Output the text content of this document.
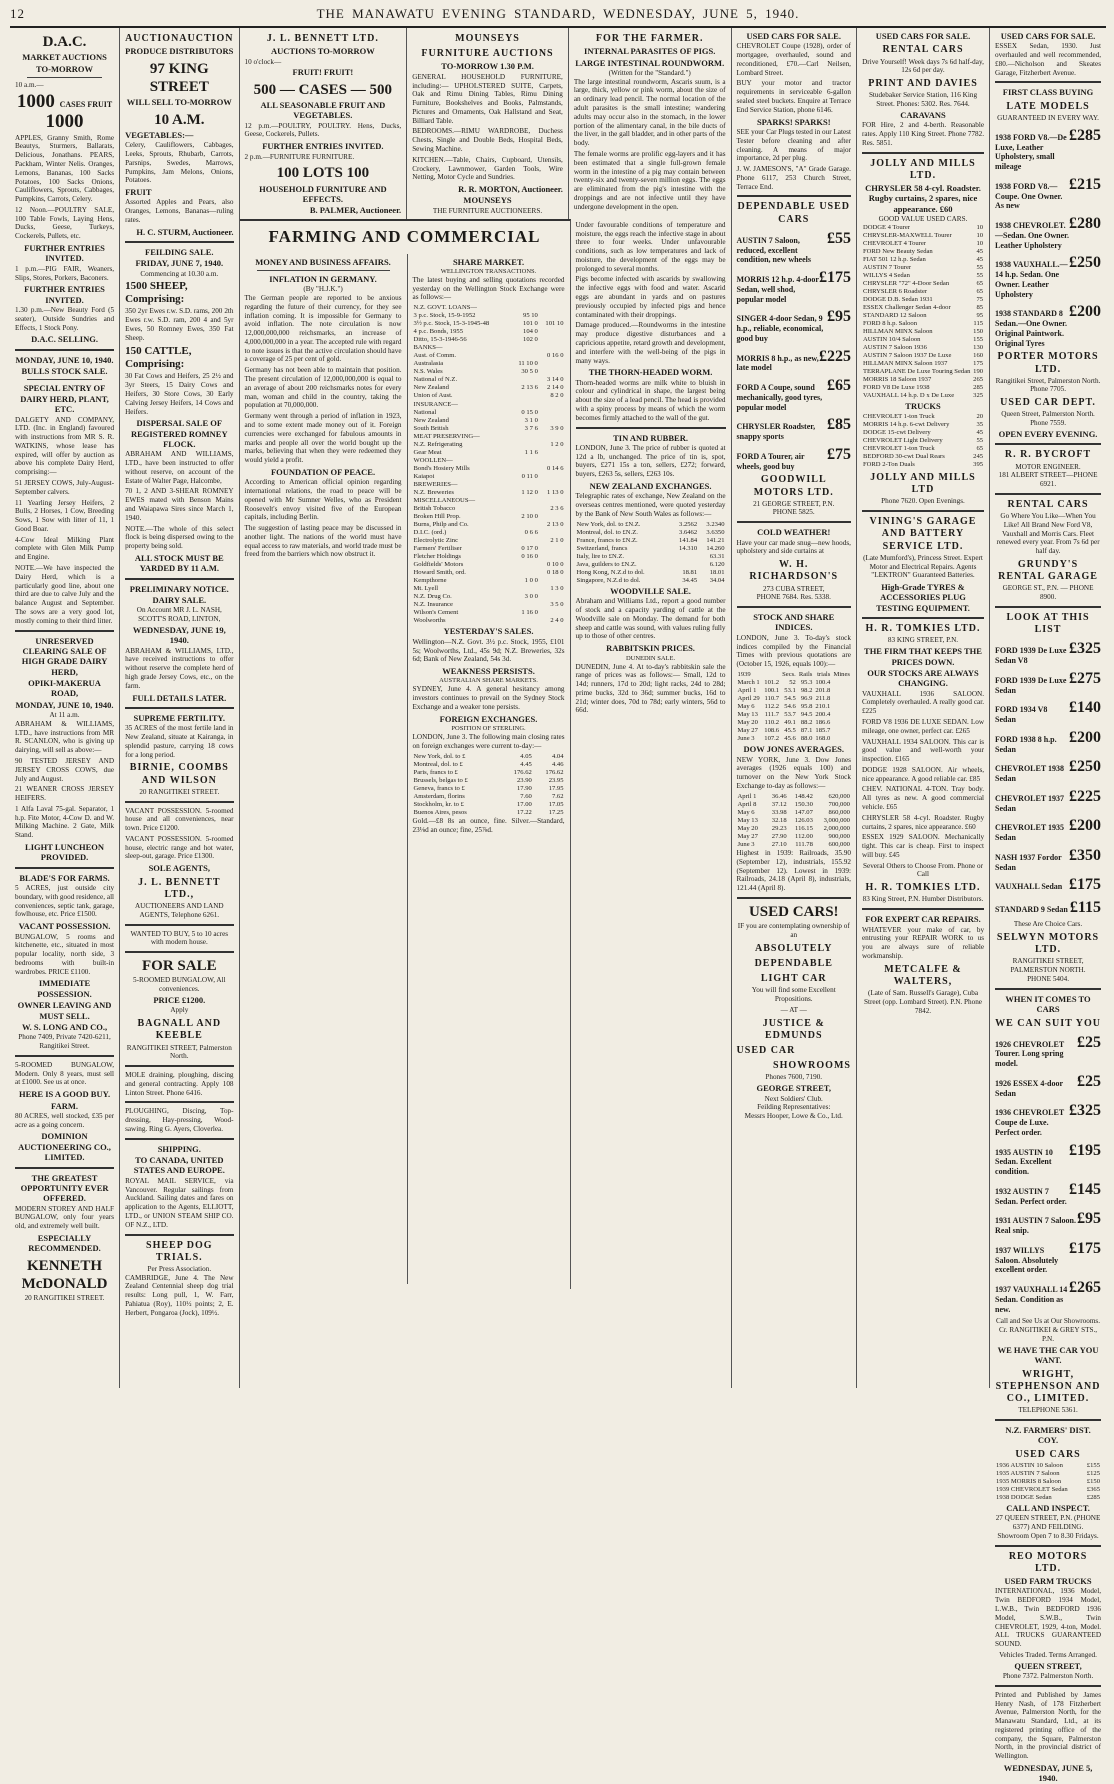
12	THE MANAWATU EVENING STANDARD, WEDNESDAY, JUNE 5, 1940.
D.A.C.
MARKET AUCTIONS
TO-MORROW

10 a.m.—

1000 CASES FRUIT 1000

APPLES, Granny Smith, Rome Beautys, Sturmers, Ballarats, Delicious, Jonathans. PEARS, Packham, Winter Nelis. Oranges, Lemons, Bananas, 100 Sacks Potatoes, 100 Sacks Onions, Cauliflowers, Sprouts, Cabbages, Pumpkins, Carrots, Celery.

12 Noon.—POULTRY SALE, 100 Table Fowls, Laying Hens, Ducks, Geese, Turkeys, Cockerels, Pullets, etc.

FURTHER ENTRIES INVITED.

1 p.m.—PIG FAIR, Weaners, Slips, Stores, Porkers, Baconers.

FURTHER ENTRIES INVITED.

1.30 p.m.—New Beauty Ford (5 seater), Outside Sundries and Effects, 1 Stock Pony.

D.A.C. SELLING.
MONDAY, JUNE 10, 1940.
BULLS STOCK SALE.
SPECIAL ENTRY OF DAIRY HERD, PLANT, ETC.

DALGETY AND COMPANY, LTD. (Inc. in England) favoured with instructions from MR S. R. WATKINS, whose lease has expired, will offer by auction as above his complete Dairy Herd, comprising:—

51 JERSEY COWS, July-August-September calvers.

11 Yearling Jersey Heifers, 2 Bulls, 2 Horses, 1 Cow, Breeding Sows, 1 Sow with litter of 11, 1 Good Boar.

4-Cow Ideal Milking Plant complete with Glen Milk Pump and Engine.

NOTE.—We have inspected the Dairy Herd, which is a particularly good line, about one third are due to calve July and the balance August and September. The sows are a very good lot, mostly coming to their third litter.

UNRESERVED CLEARING SALE OF HIGH GRADE DAIRY HERD,
OPIKI-MAKERUA ROAD,
MONDAY, JUNE 10, 1940.
At 11 a.m.

ABRAHAM & WILLIAMS, LTD., have instructions from MR R. SCANLON, who is giving up dairying, will sell as above:—

90 TESTED JERSEY AND JERSEY CROSS COWS, due July and August.

21 WEANER CROSS JERSEY HEIFERS.

1 Alfa Laval 75-gal. Separator, 1 h.p. Fite Motor, 4-Cow D. and W. Milking Machine. 2 Gate, Milk Stand.

LIGHT LUNCHEON PROVIDED.
BLADE'S FOR FARMS.

5 ACRES, just outside city boundary, with good residence, all conveniences, septic tank, garage, fowlhouse, etc. Price £1500.

VACANT POSSESSION.

BUNGALOW, 5 rooms and kitchenette, etc., situated in most popular locality, north side, 3 bedrooms with built-in wardrobes. PRICE £1100.

IMMEDIATE POSSESSION.
OWNER LEAVING AND MUST SELL.
W. S. LONG AND CO.,
Phone 7409, Private 7420-6211, Rangitikei Street.

5-ROOMED BUNGALOW, Modern. Only 8 years, must sell at £1000. See us at once.

HERE IS A GOOD BUY.
FARM.

80 ACRES, well stocked, £35 per acre as a going concern.

DOMINION AUCTIONEERING CO., LIMITED.
THE GREATEST OPPORTUNITY EVER OFFERED.

MODERN STOREY AND HALF BUNGALOW, only four years old, and extremely well built.

ESPECIALLY RECOMMENDED.
KENNETH McDONALD
20 RANGITIKEI STREET.
AUCTION AUCTION
PRODUCE DISTRIBUTORS
97 KING STREET
WILL SELL TO-MORROW
10 A.M.
VEGETABLES:—

Celery, Cauliflowers, Cabbages, Leeks, Sprouts, Rhubarb, Carrots, Parsnips, Swedes, Marrows, Pumpkins, Jam Melons, Onions, Potatoes.

FRUIT

Assorted Apples and Pears, also Oranges, Lemons, Bananas—ruling rates.

H. C. STURM, Auctioneer.
FEILDING SALE.
FRIDAY, JUNE 7, 1940.
Commencing at 10.30 a.m.
1500 SHEEP, Comprising:

350 2yr Ewes r.w. S.D. rams, 200 2th Ewes r.w. S.D. ram, 200 4 and 5yr Ewes, 50 Romney Ewes, 350 Fat Sheep.

150 CATTLE, Comprising:

30 Fat Cows and Heifers, 25 2½ and 3yr Steers, 15 Dairy Cows and Heifers, 30 Store Cows, 30 Early Calving Jersey Heifers, 14 Cows and Heifers.

DISPERSAL SALE OF REGISTERED ROMNEY FLOCK.

ABRAHAM AND WILLIAMS, LTD., have been instructed to offer without reserve, on account of the Estate of Walter Page, Halcombe,

70 1, 2 AND 3-SHEAR ROMNEY EWES mated with Benson Mains and Waiapawa Sires since March 1, 1940.

NOTE.—The whole of this select flock is being dispersed owing to the property being sold.

ALL STOCK MUST BE YARDED BY 11 A.M.
PRELIMINARY NOTICE.
DAIRY SALE.
On Account MR J. L. NASH, SCOTT'S ROAD, LINTON,
WEDNESDAY, JUNE 19, 1940.

ABRAHAM & WILLIAMS, LTD., have received instructions to offer without reserve the complete herd of high grade Jersey Cows, etc., on the farm.

FULL DETAILS LATER.
SUPREME FERTILITY.

35 ACRES of the most fertile land in New Zealand, situate at Kairanga, in splendid pasture, carrying 18 cows for a long period.

BIRNIE, COOMBS AND WILSON
20 RANGITIKEI STREET.

VACANT POSSESSION. 5-roomed house and all conveniences, near town. Price £1200.

VACANT POSSESSION. 5-roomed house, electric range and hot water, sleep-out, garage. Price £1300.

SOLE AGENTS,
J. L. BENNETT LTD.,
AUCTIONEERS AND LAND AGENTS, Telephone 6261.

WANTED TO BUY, 5 to 10 acres with modern house.

FOR SALE
5-ROOMED BUNGALOW, All conveniences.
PRICE £1200.
Apply
BAGNALL AND KEEBLE
RANGITIKEI STREET, Palmerston North.

MOLE draining, ploughing, discing and general contracting. Apply 108 Linton Street. Phone 6416.

PLOUGHING, Discing, Top-dressing, Hay-pressing, Wood-sawing. Ring G. Ayers, Cloverlea.

SHIPPING.
TO CANADA, UNITED STATES AND EUROPE.

ROYAL MAIL SERVICE, via Vancouver. Regular sailings from Auckland. Sailing dates and fares on application to the Agents, ELLIOTT, LTD., or UNION STEAM SHIP CO. OF N.Z., LTD.

SHEEP DOG TRIALS.
Per Press Association.

CAMBRIDGE, June 4. The New Zealand Centennial sheep dog trial results: Long pull, 1, W. Farr, Pahiatua (Roy), 110½ points; 2, E. Herbert, Pongaroa (Jock), 109½.

J. L. BENNETT LTD.
AUCTIONS TO-MORROW
10 o'clock—
FRUIT! FRUIT!
500 — CASES — 500
ALL SEASONABLE FRUIT AND VEGETABLES.

12 p.m.—POULTRY, POULTRY. Hens, Ducks, Geese, Cockerels, Pullets.

FURTHER ENTRIES INVITED.

2 p.m.—FURNITURE FURNITURE.

100 LOTS 100
HOUSEHOLD FURNITURE AND EFFECTS.
B. PALMER, Auctioneer.
MOUNSEYS
FURNITURE AUCTIONS
TO-MORROW 1.30 P.M.

GENERAL HOUSEHOLD FURNITURE, including:— UPHOLSTERED SUITE, Carpets, Oak and Rimu Dining Tables, Rimu Dining Furniture, Bookshelves and Books, Palmstands, Pictures and Ornaments, Oak Hallstand and Seat, Billiard Table.

BEDROOMS.—RIMU WARDROBE, Duchess Chests, Single and Double Beds, Hospital Beds, Sewing Machine.

KITCHEN.—Table, Chairs, Cupboard, Utensils, Crockery, Lawnmower, Garden Tools, Wire Netting, Motor Cycle and Sundries.

R. R. MORTON, Auctioneer.
MOUNSEYS
THE FURNITURE AUCTIONEERS.
FOR THE FARMER.
INTERNAL PARASITES OF PIGS.
LARGE INTESTINAL ROUNDWORM.
(Written for the "Standard.")

The large intestinal roundworm, Ascaris suum, is a large, thick, yellow or pink worm, about the size of an ordinary lead pencil. The normal location of the adult parasites is the small intestine; wandering adults may occur also in the stomach, in the lower portion of the alimentary canal, in the bile ducts of the liver, in the gall bladder, and in other parts of the body.

The female worms are prolific egg-layers and it has been estimated that a single full-grown female worm in the intestine of a pig may contain between twenty-six and twenty-seven million eggs. The eggs are eliminated from the pig's intestine with the droppings and are not infective until they have undergone development in the open.

FARMING AND COMMERCIAL
MONEY AND BUSINESS AFFAIRS.
INFLATION IN GERMANY.
(By "H.J.K.")

The German people are reported to be anxious regarding the future of their currency, for they see inflation coming. It is impossible for Germany to avoid inflation. The note circulation is now 12,000,000,000 reichsmarks, an increase of 4,000,000,000 in a year. The accepted rule with regard to note issues is that the active circulation should have a coverage of 25 per cent of gold.

Germany has not been able to maintain that position. The present circulation of 12,000,000,000 is equal to an average of about 200 reichsmarks notes for every man, woman and child in the country, taking the population at 70,000,000.

Germany went through a period of inflation in 1923, and to some extent made money out of it. Foreign currencies were exchanged for fabulous amounts in marks and people all over the world bought up the marks, believing that when they were redeemed they would yield a profit.

FOUNDATION OF PEACE.

According to American official opinion regarding international relations, the road to peace will be opened with Mr Sumner Welles, who as President Roosevelt's envoy visited five of the European capitals, including Berlin.

The suggestion of lasting peace may be discussed in another light. The nations of the world must have equal access to raw materials, and world trade must be freed from the barriers which now obstruct it.

SHARE MARKET.
WELLINGTON TRANSACTIONS.

The latest buying and selling quotations recorded yesterday on the Wellington Stock Exchange were as follows:—

N.Z. GOVT. LOANS—		
3 p.c. Stock, 15-9-1952	95 10	
3½ p.c. Stock, 15-3-1945-48	101 0	101 10
4 p.c. Bonds, 1955	104 0	
Ditto, 15-3-1946-56	102 0	
BANKS—		
Aust. of Comm.		0 16 0
Australasia	11 10 0	
N.S. Wales	30 5 0	
National of N.Z.		3 14 0
New Zealand	2 13 6	2 14 0
Union of Aust.		8 2 0
INSURANCE—		
National	0 15 0	
New Zealand	3 1 0	
South British	3 7 6	3 9 0
MEAT PRESERVING—		
N.Z. Refrigerating		1 2 0
Gear Meat	1 1 6	
WOOLLEN—		
Bond's Hosiery Mills		0 14 6
Kaiapoi	0 11 0	
BREWERIES—		
N.Z. Breweries	1 12 0	1 13 0
MISCELLANEOUS—		
British Tobacco		2 3 6
Broken Hill Prop.	2 10 0	
Burns, Philp and Co.		2 13 0
D.I.C. (ord.)	0 6 6	
Electrolytic Zinc		2 1 0
Farmers' Fertiliser	0 17 0	
Fletcher Holdings	0 16 0	
Goldfields' Motors		0 10 0
Howard Smith, ord.		0 18 0
Kempthorne	1 0 0	
Mt. Lyell		1 3 0
N.Z. Drug Co.	3 0 0	
N.Z. Insurance		3 5 0
Wilson's Cement	1 16 0	
Woolworths		2 4 0
YESTERDAY'S SALES.

Wellington—N.Z. Govt. 3½ p.c. Stock, 1955, £101 5s; Woolworths, Ltd., 45s 9d; N.Z. Breweries, 32s 6d; Bank of New Zealand, 54s 3d.

WEAKNESS PERSISTS.
AUSTRALIAN SHARE MARKETS.

SYDNEY, June 4. A general hesitancy among investors continues to prevail on the Sydney Stock Exchange and a weaker tone persists.

FOREIGN EXCHANGES.
POSITION OF STERLING.

LONDON, June 3. The following main closing rates on foreign exchanges were current to-day:—

New York, dol. to £	4.05	4.04
Montreal, dol. to £	4.45	4.46
Paris, francs to £	176.62	176.62
Brussels, belgas to £	23.90	23.95
Geneva, francs to £	17.90	17.95
Amsterdam, florins	7.60	7.62
Stockholm, kr. to £	17.00	17.05
Buenos Aires, pesos	17.22	17.25

Gold.—£8 8s an ounce, fine. Silver.—Standard, 23⅛d an ounce; fine, 25⅞d.

Under favourable conditions of temperature and moisture, the eggs reach the infective stage in about three to four weeks. Under unfavourable conditions, such as low temperatures and lack of moisture, the development of the eggs may be prolonged to several months.

Pigs become infected with ascarids by swallowing the infective eggs with food and water. Ascarid eggs are abundant in yards and on pastures previously occupied by infected pigs and hence contaminated with their droppings.

Damage produced.—Roundworms in the intestine may produce digestive disturbances and a capricious appetite, retard growth and development, and interfere with the well-being of the pigs in many ways.

THE THORN-HEADED WORM.

Thorn-headed worms are milk white to bluish in colour and cylindrical in shape, the largest being about the size of a lead pencil. The head is provided with a spiny process by means of which the worm becomes firmly attached to the wall of the gut.

TIN AND RUBBER.

LONDON, June 3. The price of rubber is quoted at 12d a lb, unchanged. The price of tin is, spot, buyers, £271 15s a ton, sellers, £272; forward, buyers, £263 5s, sellers, £263 10s.

NEW ZEALAND EXCHANGES.

Telegraphic rates of exchange, New Zealand on the overseas centres mentioned, were quoted yesterday by the Bank of New South Wales as follows:—

New York, dol. to £N.Z.	3.2562	3.2340
Montreal, dol. to £N.Z.	3.6462	3.6350
France, francs to £N.Z.	141.84	141.21
Switzerland, francs	14.310	14.260
Italy, lire to £N.Z.		63.31
Java, guilders to £N.Z.		6.120
Hong Kong, N.Z.d to dol.	18.81	18.01
Singapore, N.Z.d to dol.	34.45	34.04
WOODVILLE SALE.

Abraham and Williams Ltd., report a good number of stock and a capacity yarding of cattle at the Woodville sale on Monday. The demand for both sheep and cattle was sound, with values ruling fully up to those of other centres.

RABBITSKIN PRICES.
DUNEDIN SALE.

DUNEDIN, June 4. At to-day's rabbitskin sale the range of prices was as follows:— Small, 12d to 14d; runners, 17d to 20d; light racks, 24d to 28d; prime bucks, 32d to 36d; summer bucks, 16d to 21d; winter does, 70d to 78d; early winters, 56d to 66d.

USED CARS FOR SALE.

CHEVROLET Coupe (1928), order of mortgagee, overhauled, sound and reconditioned, £70.—Carl Neilsen, Lombard Street.

BUY your motor and tractor requirements in serviceable 6-gallon sealed steel buckets. Enquire at Terrace End Service Station, phone 6146.

SPARKS! SPARKS!

SEE your Car Plugs tested in our Latest Tester before cleaning and after cleaning. A means of major importance, 2d per plug.

J. W. JAMESON'S, "A" Grade Garage. Phone 6117, 253 Church Street, Terrace End.

DEPENDABLE USED CARS
AUSTIN 7 Saloon, reduced, excellent condition, new wheels
£55
MORRIS 12 h.p. 4-door Sedan, well shod, popular model
£175
SINGER 4-door Sedan, 9 h.p., reliable, economical, good buy
£95
MORRIS 8 h.p., as new, late model
£225
FORD A Coupe, sound mechanically, good tyres, popular model
£65
CHRYSLER Roadster, snappy sports
£85
FORD A Tourer, air wheels, good buy
£75
GOODWILL MOTORS LTD.
21 GEORGE STREET, P.N.
PHONE 5825.
COLD WEATHER!

Have your car made snug—new hoods, upholstery and side curtains at

W. H. RICHARDSON'S
273 CUBA STREET,
PHONE 7684. Res. 5338.
STOCK AND SHARE INDICES.

LONDON, June 3. To-day's stock indices compiled by the Financial Times with previous quotations are (October 15, 1926, equals 100):—

1939		Secs.	Rails	trials	Mines
March 1	101.2	52	95.3	100.4	
April 1	100.1	53.1	98.2	201.8	
April 29	110.7	54.5	96.9	211.8	
May 6	112.2	54.6	95.8	210.1	
May 13	111.7	53.7	94.5	200.4	
May 20	110.2	49.1	88.2	186.6	
May 27	108.6	45.5	87.1	185.7	
June 3	107.2	45.6	88.0	168.0	
DOW JONES AVERAGES.

NEW YORK, June 3. Dow Jones averages (1926 equals 100) and turnover on the New York Stock Exchange to-day as follows:—

April 1	36.46	148.42	620,000
April 8	37.12	150.30	700,000
May 6	33.98	147.07	860,000
May 13	32.18	126.03	3,000,000
May 20	29.23	116.15	2,000,000
May 27	27.90	112.00	900,000
June 3	27.10	111.78	600,000

Highest in 1939: Railroads, 35.90 (September 12), industrials, 155.92 (September 12). Lowest in 1939: Railroads, 24.18 (April 8), industrials, 121.44 (April 8).

USED CARS!

IF you are contemplating ownership of an

ABSOLUTELY
DEPENDABLE
LIGHT CAR

You will find some Excellent Propositions.

— AT —
JUSTICE & EDMUNDS
USED CAR
SHOWROOMS
Phones 7600, 7190.
GEORGE STREET,
Next Soldiers' Club.
Feilding Representatives:
Messrs Hooper, Lowe & Co., Ltd.
USED CARS FOR SALE.
RENTAL CARS
Drive Yourself! Week days 7s 6d half-day, 12s 6d per day.
PRINT AND DAVIES
Studebaker Service Station, 116 King Street. Phones: 5302. Res. 7644.
CARAVANS

FOR Hire, 2 and 4-berth. Reasonable rates. Apply 110 King Street. Phone 7782. Res. 5851.

JOLLY AND MILLS LTD.
CHRYSLER 58 4-cyl. Roadster. Rugby curtains, 2 spares, nice appearance. £60
GOOD VALUE USED CARS.
DODGE 4 Tourer	10
CHRYSLER-MAXWELL Tourer	10
CHEVROLET 4 Tourer	10
FORD New Beauty Sedan	45
FIAT 501 12 h.p. Sedan	45
AUSTIN 7 Tourer	55
WILLYS 4 Sedan	55
CHRYSLER "72" 4-Door Sedan	65
CHRYSLER 6 Roadster	65
DODGE D.B. Sedan 1931	75
ESSEX Challenger Sedan 4-door	85
STANDARD 12 Saloon	95
FORD 8 h.p. Saloon	115
HILLMAN MINX Saloon	150
AUSTIN 10/4 Saloon	155
AUSTIN 7 Saloon 1936	130
AUSTIN 7 Saloon 1937 De Luxe	160
HILLMAN MINX Saloon 1937	175
TERRAPLANE De Luxe Touring Sedan	190
MORRIS 18 Saloon 1937	265
FORD V8 De Luxe 1938	285
VAUXHALL 14 h.p. D x De Luxe	325
TRUCKS
CHEVROLET 1-ton Truck	20
MORRIS 14 h.p. 6-cwt Delivery	35
DODGE 15-cwt Delivery	45
CHEVROLET Light Delivery	55
CHEVROLET 1-ton Truck	65
BEDFORD 30-cwt Dual Rears	245
FORD 2-Ton Duals	395
JOLLY AND MILLS LTD
Phone 7620. Open Evenings.
VINING'S GARAGE AND BATTERY SERVICE LTD.

(Late Mumford's), Princess Street. Expert Motor and Electrical Repairs. Agents "LEKTRON" Guaranteed Batteries.

High-Grade TYRES & ACCESSORIES PLUG TESTING EQUIPMENT.
H. R. TOMKIES LTD.
83 KING STREET, P.N.
THE FIRM THAT KEEPS THE PRICES DOWN.
OUR STOCKS ARE ALWAYS CHANGING.

VAUXHALL 1936 SALOON. Completely overhauled. A really good car. £225

FORD V8 1936 DE LUXE SEDAN. Low mileage, one owner, perfect car. £265

VAUXHALL 1934 SALOON. This car is good value and well-worth your inspection. £165

DODGE 1928 SALOON. Air wheels, nice appearance. A good reliable car. £85

CHEV. NATIONAL 4-TON. Tray body. All tyres as new. A good commercial vehicle. £65

CHRYSLER 58 4-cyl. Roadster. Rugby curtains, 2 spares, nice appearance. £60

ESSEX 1929 SALOON. Mechanically tight. This car is cheap. First to inspect will buy. £45

Several Others to Choose From. Phone or Call
H. R. TOMKIES LTD.
83 King Street, P.N. Humber Distributors.
FOR EXPERT CAR REPAIRS.

WHATEVER your make of car, by entrusting your REPAIR WORK to us you are always sure of reliable workmanship.

METCALFE & WALTERS,
(Late of Sam. Russell's Garage), Cuba Street (opp. Lombard Street). P.N. Phone 7842.
USED CARS FOR SALE.

ESSEX Sedan, 1930. Just overhauled and well recommended, £80.—Nicholson and Skeates Garage, Fitzherbert Avenue.

FIRST CLASS BUYING
LATE MODELS
GUARANTEED IN EVERY WAY.
1938 FORD V8.—De Luxe, Leather Upholstery, small mileage
£285
1938 FORD V8.—Coupe. One Owner. As new
£215
1938 CHEVROLET.—Sedan. One Owner. Leather Upholstery
£280
1938 VAUXHALL.—14 h.p. Sedan. One Owner. Leather Upholstery
£250
1938 STANDARD 8 Sedan.—One Owner. Original Paintwork. Original Tyres
£200
PORTER MOTORS LTD.
Rangitikei Street, Palmerston North. Phone 7705.
USED CAR DEPT.
Queen Street, Palmerston North. Phone 7559.
OPEN EVERY EVENING.
R. R. BYCROFT
MOTOR ENGINEER.
181 ALBERT STREET—PHONE 6921.
RENTAL CARS

Go Where You Like—When You Like! All Brand New Ford V8, Vauxhall and Morris Cars. Fleet renewed every year. From 7s 6d per half day.

GRUNDY'S RENTAL GARAGE
GEORGE ST., P.N. — PHONE 8900.
LOOK AT THIS LIST
FORD 1939 De Luxe Sedan V8
£325
FORD 1939 De Luxe Sedan
£275
FORD 1934 V8 Sedan
£140
FORD 1938 8 h.p. Sedan
£200
CHEVROLET 1938 Sedan
£250
CHEVROLET 1937 Sedan
£225
CHEVROLET 1935 Sedan
£200
NASH 1937 Fordor Sedan
£350
VAUXHALL Sedan £175
STANDARD 9 Sedan £115
These Are Choice Cars.
SELWYN MOTORS LTD.
RANGITIKEI STREET, PALMERSTON NORTH.
PHONE 5404.
WHEN IT COMES TO CARS
WE CAN SUIT YOU
1926 CHEVROLET Tourer. Long spring model.
£25
1926 ESSEX 4-door Sedan
£25
1936 CHEVROLET Coupe de Luxe. Perfect order.
£325
1935 AUSTIN 10 Sedan. Excellent condition.
£195
1932 AUSTIN 7 Sedan. Perfect order.
£145
1931 AUSTIN 7 Saloon. Real snip.
£95
1937 WILLYS Saloon. Absolutely excellent order.
£175
1937 VAUXHALL 14 Sedan. Condition as new.
£265
Call and See Us at Our Showrooms.
Cr. RANGITIKEI & GREY STS., P.N.
WE HAVE THE CAR YOU WANT.
WRIGHT, STEPHENSON AND CO., LIMITED.
TELEPHONE 5361.
N.Z. FARMERS' DIST. COY.
USED CARS
1936 AUSTIN 10 Saloon	£155
1935 AUSTIN 7 Saloon	£125
1935 MORRIS 8 Saloon	£150
1939 CHEVROLET Sedan	£365
1938 DODGE Sedan	£285
CALL AND INSPECT.
27 QUEEN STREET, P.N. (PHONE 6377) AND FEILDING.
Showroom Open 7 to 8.30 Fridays.
REO MOTORS LTD.
USED FARM TRUCKS

INTERNATIONAL, 1936 Model, Twin BEDFORD 1934 Model, L.W.B., Twin BEDFORD 1936 Model, S.W.B., Twin CHEVROLET, 1929, 4-ton, Model. ALL TRUCKS GUARANTEED SOUND.

Vehicles Traded. Terms Arranged.
QUEEN STREET,
Phone 7372. Palmerston North.

Printed and Published by James Henry Nash, of 178 Fitzherbert Avenue, Palmerston North, for the Manawatu Standard, Ltd., at its registered printing office of the company, the Square, Palmerston North, in the provincial district of Wellington.

WEDNESDAY, JUNE 5, 1940.
